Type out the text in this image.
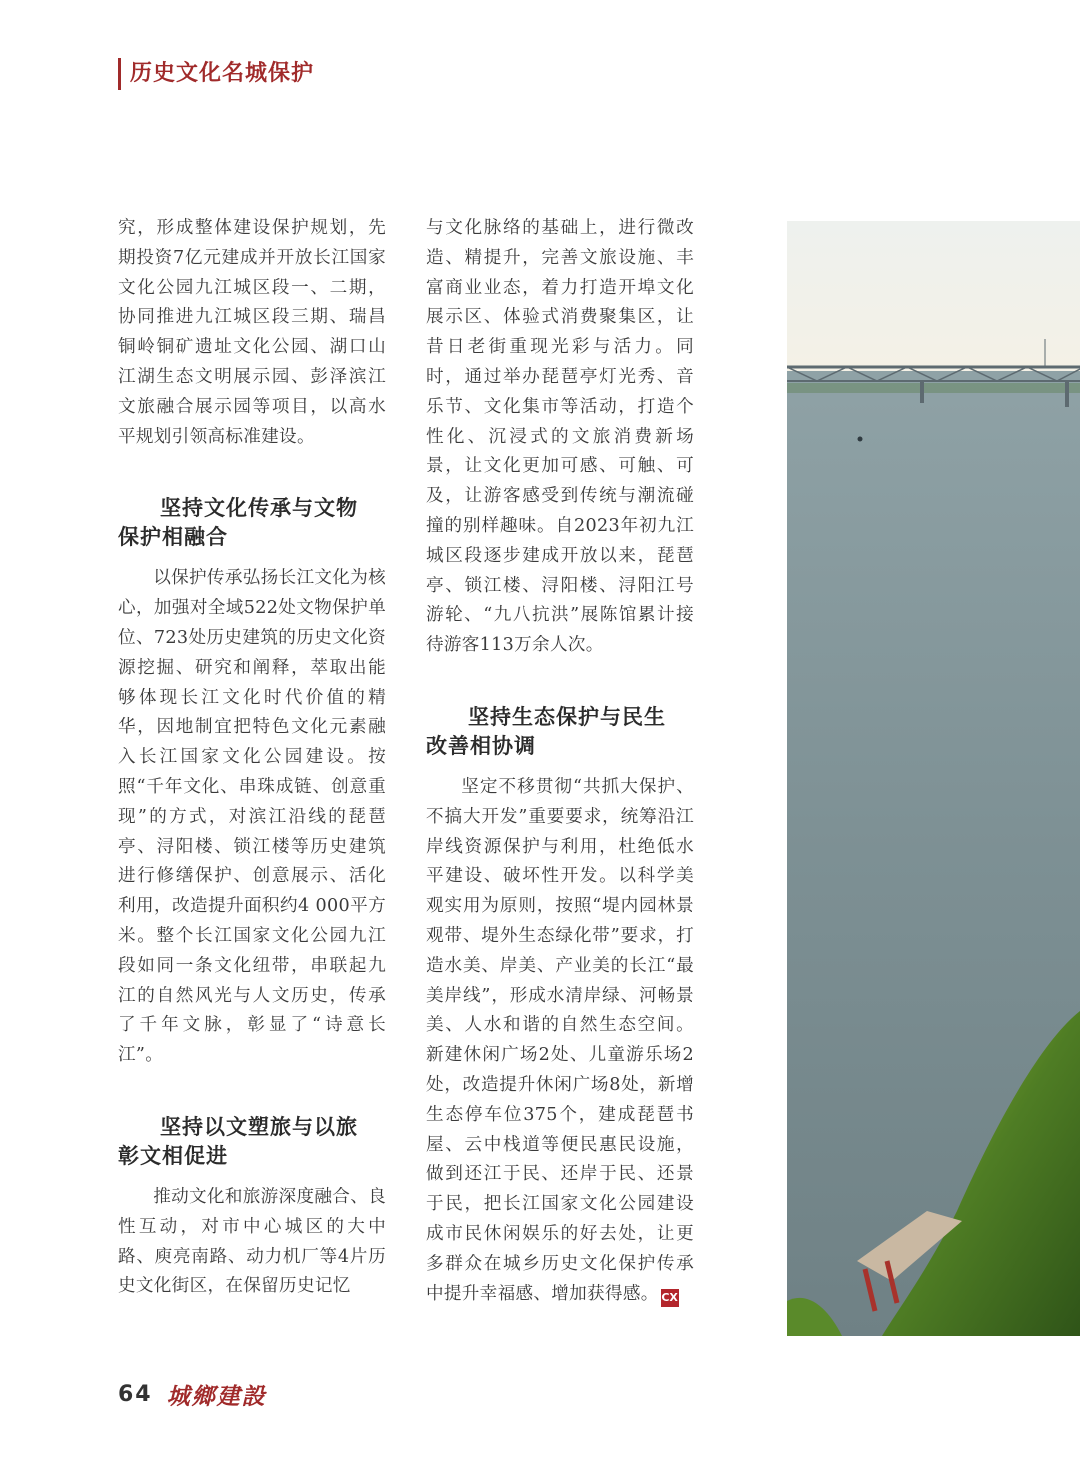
历史文化名城保护

究，形成整体建设保护规划，先期投资7亿元建成并开放长江国家文化公园九江城区段一、二期，协同推进九江城区段三期、瑞昌铜岭铜矿遗址文化公园、湖口山江湖生态文明展示园、彭泽滨江文旅融合展示园等项目，以高水平规划引领高标准建设。

坚持文化传承与文物
保护相融合

以保护传承弘扬长江文化为核心，加强对全域522处文物保护单位、723处历史建筑的历史文化资源挖掘、研究和阐释，萃取出能够体现长江文化时代价值的精华，因地制宜把特色文化元素融入长江国家文化公园建设。按照“千年文化、串珠成链、创意重现”的方式，对滨江沿线的琵琶亭、浔阳楼、锁江楼等历史建筑进行修缮保护、创意展示、活化利用，改造提升面积约4 000平方米。整个长江国家文化公园九江段如同一条文化纽带，串联起九江的自然风光与人文历史，传承了千年文脉，彰显了“诗意长江”。

坚持以文塑旅与以旅
彰文相促进

推动文化和旅游深度融合、良性互动，对市中心城区的大中路、庾亮南路、动力机厂等4片历史文化街区，在保留历史记忆

与文化脉络的基础上，进行微改造、精提升，完善文旅设施、丰富商业业态，着力打造开埠文化展示区、体验式消费聚集区，让昔日老街重现光彩与活力。同时，通过举办琵琶亭灯光秀、音乐节、文化集市等活动，打造个性化、沉浸式的文旅消费新场景，让文化更加可感、可触、可及，让游客感受到传统与潮流碰撞的别样趣味。自2023年初九江城区段逐步建成开放以来，琵琶亭、锁江楼、浔阳楼、浔阳江号游轮、“九八抗洪”展陈馆累计接待游客113万余人次。

坚持生态保护与民生
改善相协调

坚定不移贯彻“共抓大保护、不搞大开发”重要要求，统筹沿江岸线资源保护与利用，杜绝低水平建设、破坏性开发。以科学美观实用为原则，按照“堤内园林景观带、堤外生态绿化带”要求，打造水美、岸美、产业美的长江“最美岸线”，形成水清岸绿、河畅景美、人水和谐的自然生态空间。新建休闲广场2处、儿童游乐场2处，改造提升休闲广场8处，新增生态停车位375个，建成琵琶书屋、云中栈道等便民惠民设施，做到还江于民、还岸于民、还景于民，把长江国家文化公园建设成市民休闲娱乐的好去处，让更多群众在城乡历史文化保护传承中提升幸福感、增加获得感。 CX

64 城鄉建設
